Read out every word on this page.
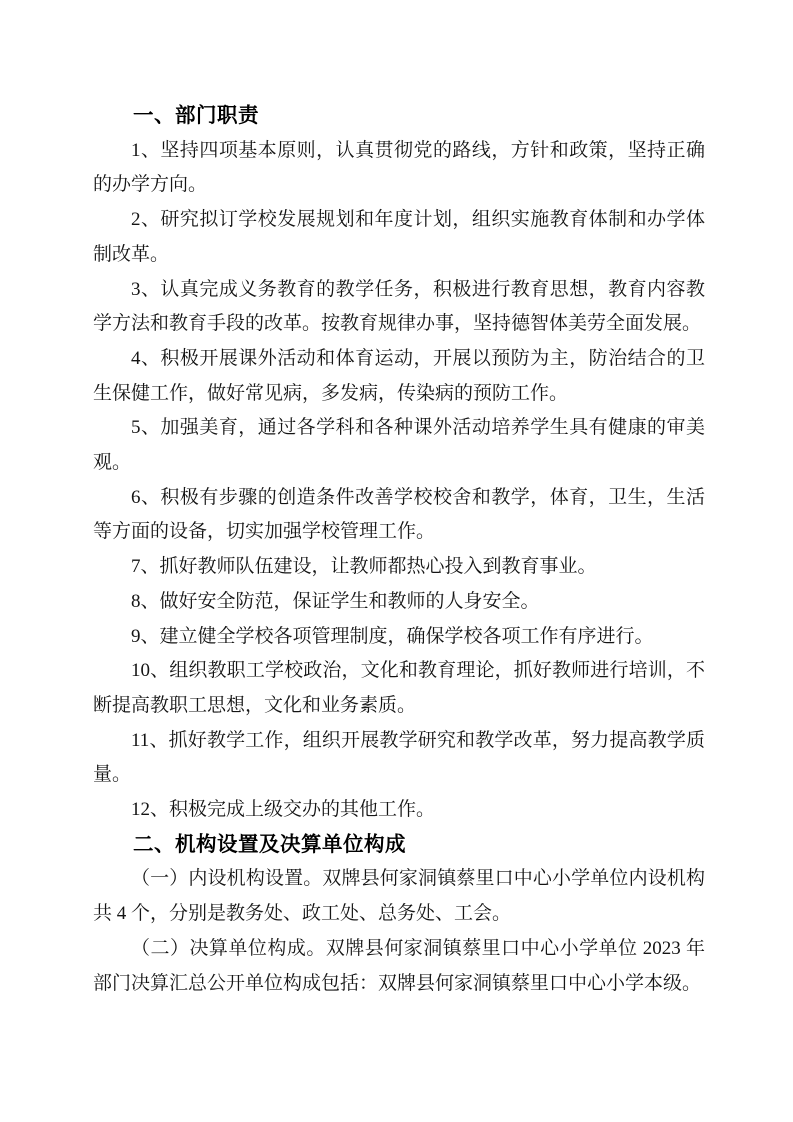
一、部门职责

1、坚持四项基本原则，认真贯彻党的路线，方针和政策，坚持正确的办学方向。

2、研究拟订学校发展规划和年度计划，组织实施教育体制和办学体制改革。

3、认真完成义务教育的教学任务，积极进行教育思想，教育内容教学方法和教育手段的改革。按教育规律办事，坚持德智体美劳全面发展。

4、积极开展课外活动和体育运动，开展以预防为主，防治结合的卫生保健工作，做好常见病，多发病，传染病的预防工作。

5、加强美育，通过各学科和各种课外活动培养学生具有健康的审美观。

6、积极有步骤的创造条件改善学校校舍和教学，体育，卫生，生活等方面的设备，切实加强学校管理工作。

7、抓好教师队伍建设，让教师都热心投入到教育事业。

8、做好安全防范，保证学生和教师的人身安全。

9、建立健全学校各项管理制度，确保学校各项工作有序进行。

10、组织教职工学校政治，文化和教育理论，抓好教师进行培训，不断提高教职工思想，文化和业务素质。

11、抓好教学工作，组织开展教学研究和教学改革，努力提高教学质量。

12、积极完成上级交办的其他工作。

二、机构设置及决算单位构成

（一）内设机构设置。双牌县何家洞镇蔡里口中心小学单位内设机构共 4 个，分别是教务处、政工处、总务处、工会。

（二）决算单位构成。双牌县何家洞镇蔡里口中心小学单位 2023 年部门决算汇总公开单位构成包括：双牌县何家洞镇蔡里口中心小学本级。
